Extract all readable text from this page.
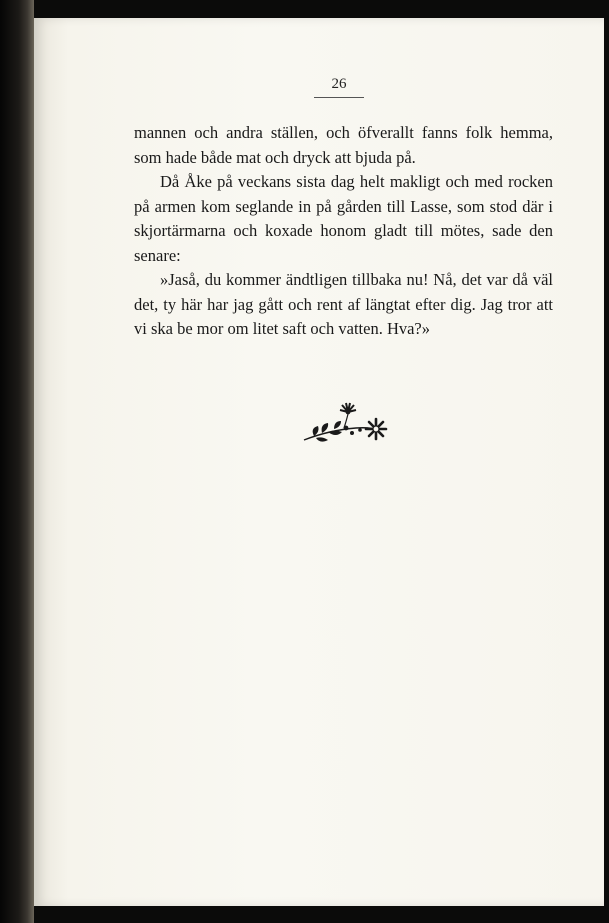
26

mannen och andra ställen, och öfverallt fanns folk hemma, som hade både mat och dryck att bjuda på.

Då Åke på veckans sista dag helt makligt och med rocken på armen kom seglande in på gården till Lasse, som stod där i skjortärmarna och koxade honom gladt till mötes, sade den senare:

»Jaså, du kommer ändtligen tillbaka nu! Nå, det var då väl det, ty här har jag gått och rent af längtat efter dig. Jag tror att vi ska be mor om litet saft och vatten. Hva?»
